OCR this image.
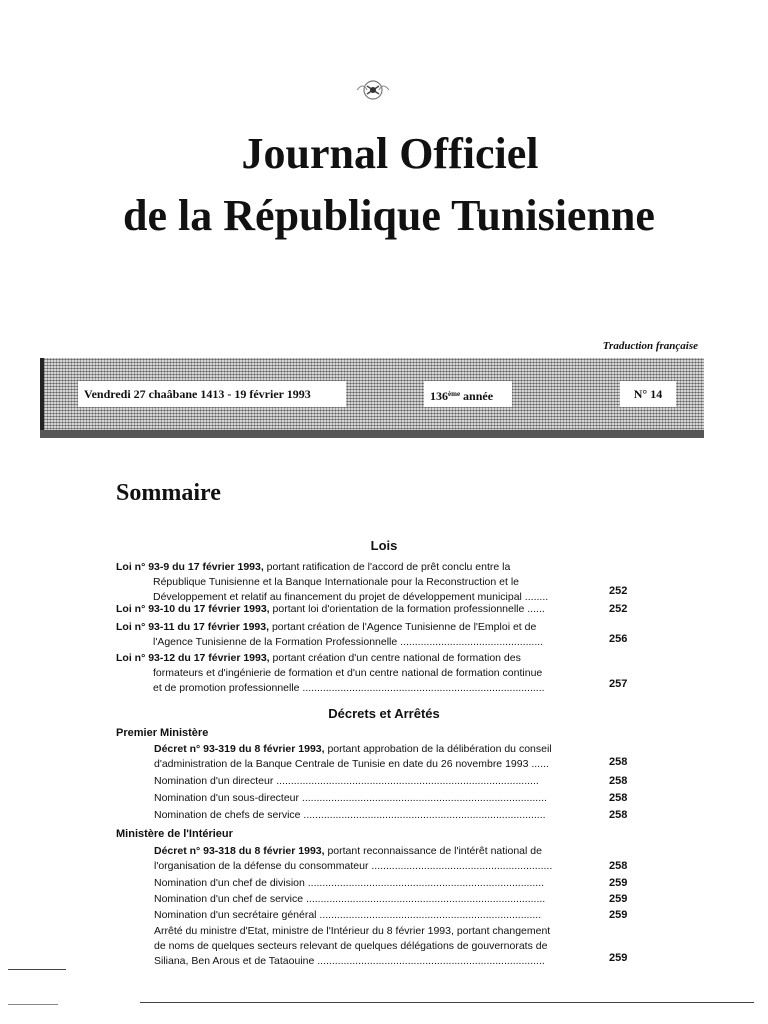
Journal Officiel
de la République Tunisienne
Traduction française
Vendredi 27 chaâbane 1413 - 19 février 1993	136ème année	N° 14
Sommaire
Lois
Loi n° 93-9 du 17 février 1993, portant ratification de l'accord de prêt conclu entre la
République Tunisienne et la Banque Internationale pour la Reconstruction et le
Développement et relatif au financement du projet de développement municipal ........	252
Loi n° 93-10 du 17 février 1993, portant loi d'orientation de la formation professionnelle ......	252
Loi n° 93-11 du 17 février 1993, portant création de l'Agence Tunisienne de l'Emploi et de
l'Agence Tunisienne de la Formation Professionnelle .................................................	256
Loi n° 93-12 du 17 février 1993, portant création d'un centre national de formation des
formateurs et d'ingénierie de formation et d'un centre national de formation continue
et de promotion professionnelle ...................................................................................	257
Décrets et Arrêtés
Premier Ministère
Décret n° 93-319 du 8 février 1993, portant approbation de la délibération du conseil
d'administration de la Banque Centrale de Tunisie en date du 26 novembre 1993 ......	258
Nomination d'un directeur ..........................................................................................	258
Nomination d'un sous-directeur ....................................................................................	258
Nomination de chefs de service ...................................................................................	258
Ministère de l'Intérieur
Décret n° 93-318 du 8 février 1993, portant reconnaissance de l'intérêt national de
l'organisation de la défense du consommateur ..............................................................	258
Nomination d'un chef de division .................................................................................	259
Nomination d'un chef de service ..................................................................................	259
Nomination d'un secrétaire général ............................................................................	259
Arrêté du ministre d'Etat, ministre de l'Intérieur du 8 février 1993, portant changement
de noms de quelques secteurs relevant de quelques délégations de gouvernorats de
Siliana, Ben Arous et de Tataouine ..............................................................................	259
